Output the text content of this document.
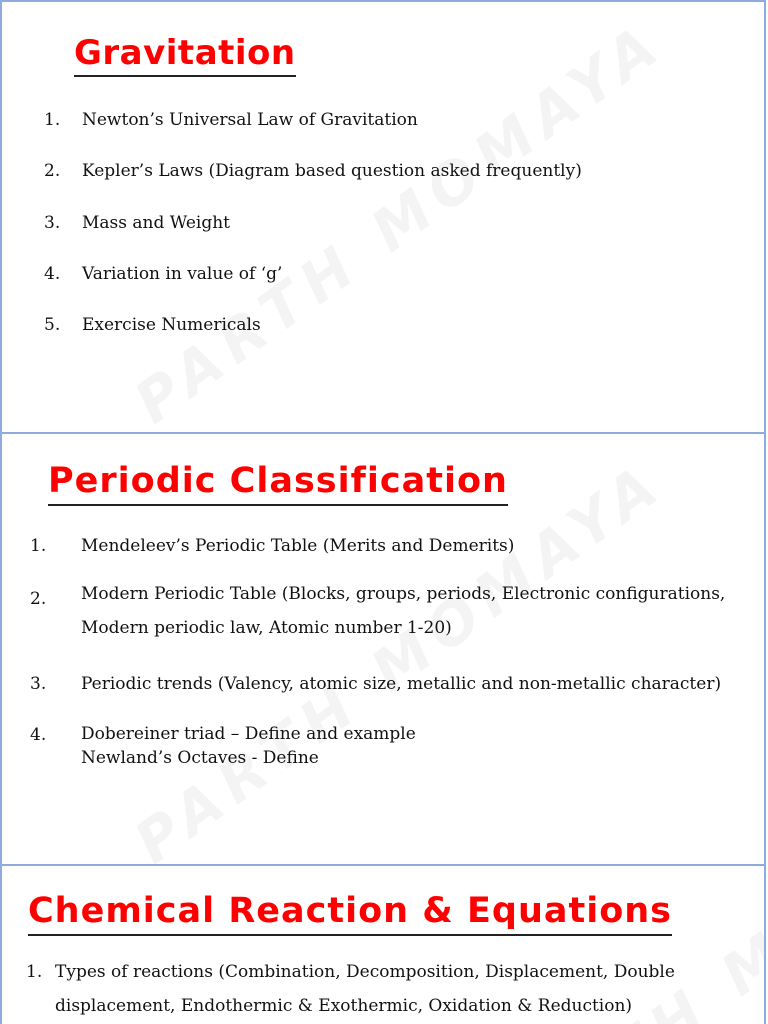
Gravitation
1. Newton’s Universal Law of Gravitation
2. Kepler’s Laws (Diagram based question asked frequently)
3. Mass and Weight
4. Variation in value of ‘g’
5. Exercise Numericals
Periodic Classification
1. Mendeleev’s Periodic Table (Merits and Demerits)
2. Modern Periodic Table (Blocks, groups, periods, Electronic configurations,
Modern periodic law, Atomic number 1-20)
3. Periodic trends (Valency, atomic size, metallic and non-metallic character)
4. Dobereiner triad – Define and example
Newland’s Octaves - Define
Chemical Reaction & Equations
1. Types of reactions (Combination, Decomposition, Displacement, Double
displacement, Endothermic & Exothermic, Oxidation & Reduction)
